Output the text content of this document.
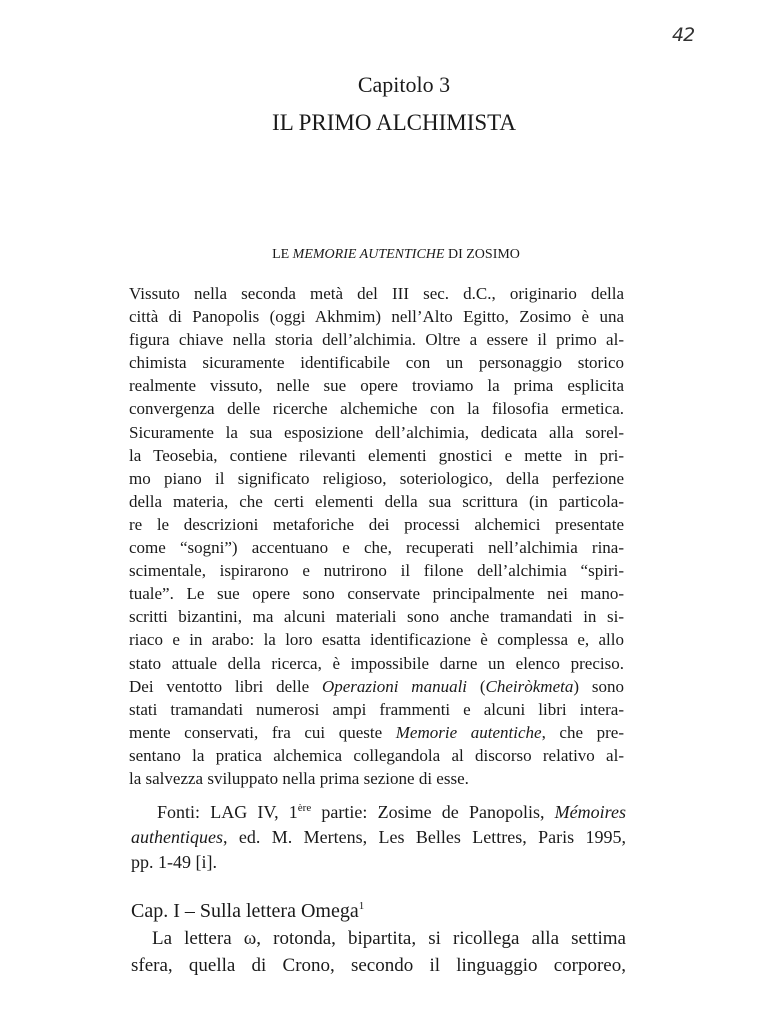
42
Capitolo 3
IL PRIMO ALCHIMISTA
LE MEMORIE AUTENTICHE DI ZOSIMO
Vissuto nella seconda metà del III sec. d.C., originario della
città di Panopolis (oggi Akhmim) nell’Alto Egitto, Zosimo è una
figura chiave nella storia dell’alchimia. Oltre a essere il primo al-
chimista sicuramente identificabile con un personaggio storico
realmente vissuto, nelle sue opere troviamo la prima esplicita
convergenza delle ricerche alchemiche con la filosofia ermetica.
Sicuramente la sua esposizione dell’alchimia, dedicata alla sorel-
la Teosebia, contiene rilevanti elementi gnostici e mette in pri-
mo piano il significato religioso, soteriologico, della perfezione
della materia, che certi elementi della sua scrittura (in particola-
re le descrizioni metaforiche dei processi alchemici presentate
come “sogni”) accentuano e che, recuperati nell’alchimia rina-
scimentale, ispirarono e nutrirono il filone dell’alchimia “spiri-
tuale”. Le sue opere sono conservate principalmente nei mano-
scritti bizantini, ma alcuni materiali sono anche tramandati in si-
riaco e in arabo: la loro esatta identificazione è complessa e, allo
stato attuale della ricerca, è impossibile darne un elenco preciso.
Dei ventotto libri delle Operazioni manuali (Cheiròkmeta) sono
stati tramandati numerosi ampi frammenti e alcuni libri intera-
mente conservati, fra cui queste Memorie autentiche, che pre-
sentano la pratica alchemica collegandola al discorso relativo al-
la salvezza sviluppato nella prima sezione di esse.
Fonti: LAG IV, 1ère partie: Zosime de Panopolis, Mémoires
authentiques, ed. M. Mertens, Les Belles Lettres, Paris 1995,
pp. 1-49 [i].
Cap. I – Sulla lettera Omega$^1$
La lettera ω, rotonda, bipartita, si ricollega alla settima
sfera, quella di Crono, secondo il linguaggio corporeo,
